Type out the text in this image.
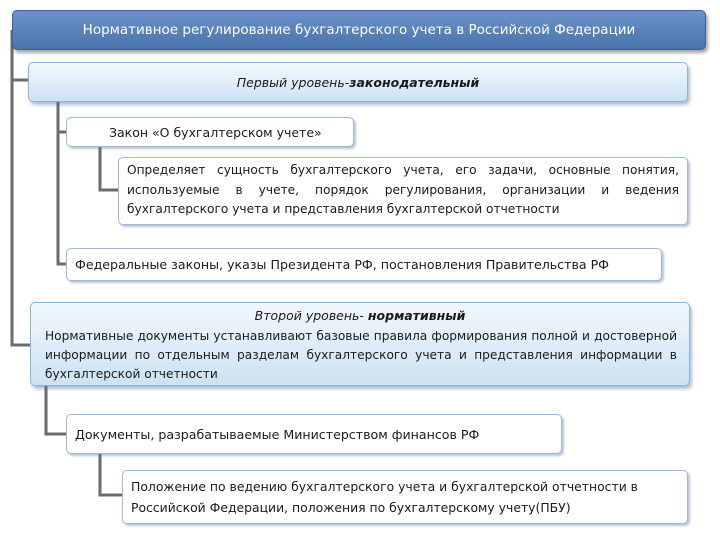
Нормативное регулирование бухгалтерского учета в Российской Федерации
Первый уровень- законодательный
Закон «О бухгалтерском учете»
Определяет сущность бухгалтерского учета, его задачи, основные понятия, используемые в учете, порядок регулирования, организации и ведения бухгалтерского учета и представления бухгалтерской отчетности
Федеральные законы, указы Президента РФ, постановления Правительства РФ
Второй уровень- нормативный
Нормативные документы устанавливают базовые правила формирования полной и достоверной информации по отдельным разделам бухгалтерского учета и представления информации в бухгалтерской отчетности
Документы, разрабатываемые Министерством финансов РФ
Положение по ведению бухгалтерского учета и бухгалтерской отчетности в Российской Федерации, положения по бухгалтерскому учету(ПБУ)
